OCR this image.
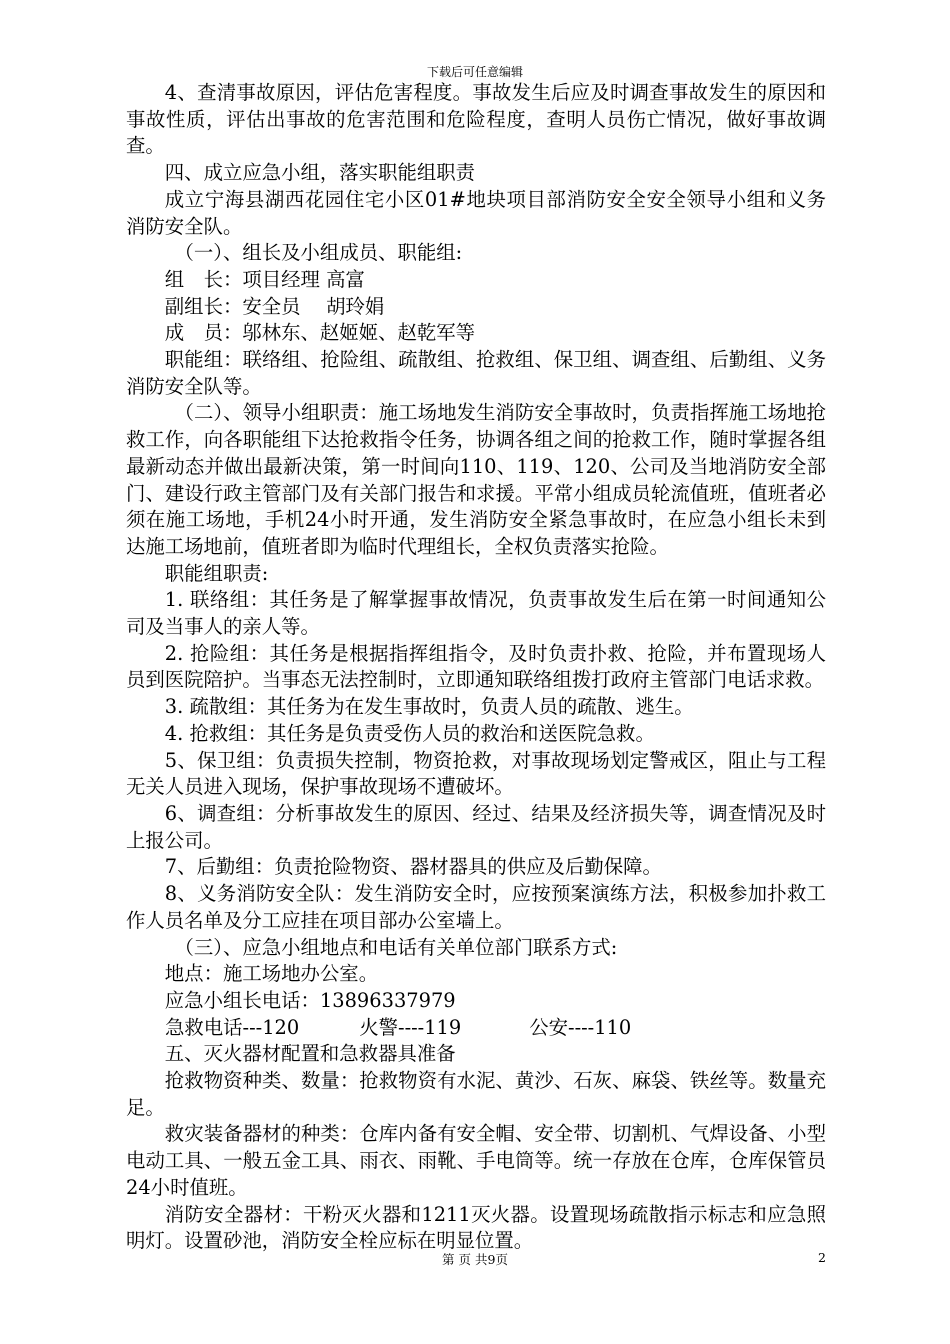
下载后可任意编辑

4、查清事故原因，评估危害程度。事故发生后应及时调查事故发生的原因和事故性质，评估出事故的危害范围和危险程度，查明人员伤亡情况，做好事故调查。

四、成立应急小组，落实职能组职责

成立宁海县湖西花园住宅小区01#地块项目部消防安全安全领导小组和义务消防安全队。

（一）、组长及小组成员、职能组:

组　长：项目经理 高富

副组长：安全员　 胡玲娟

成　员：邬林东、赵姬姬、赵乾军等

职能组：联络组、抢险组、疏散组、抢救组、保卫组、调查组、后勤组、义务消防安全队等。

（二）、领导小组职责：施工场地发生消防安全事故时，负责指挥施工场地抢救工作，向各职能组下达抢救指令任务，协调各组之间的抢救工作，随时掌握各组最新动态并做出最新决策，第一时间向110、119、120、公司及当地消防安全部门、建设行政主管部门及有关部门报告和求援。平常小组成员轮流值班，值班者必须在施工场地，手机24小时开通，发生消防安全紧急事故时，在应急小组长未到达施工场地前，值班者即为临时代理组长，全权负责落实抢险。

职能组职责:

1. 联络组：其任务是了解掌握事故情况，负责事故发生后在第一时间通知公司及当事人的亲人等。

2. 抢险组：其任务是根据指挥组指令，及时负责扑救、抢险，并布置现场人员到医院陪护。当事态无法控制时，立即通知联络组拨打政府主管部门电话求救。

3. 疏散组：其任务为在发生事故时，负责人员的疏散、逃生。

4. 抢救组：其任务是负责受伤人员的救治和送医院急救。

5、保卫组：负责损失控制，物资抢救，对事故现场划定警戒区，阻止与工程无关人员进入现场，保护事故现场不遭破坏。

6、调查组：分析事故发生的原因、经过、结果及经济损失等，调查情况及时上报公司。

7、后勤组：负责抢险物资、器材器具的供应及后勤保障。

8、义务消防安全队：发生消防安全时，应按预案演练方法，积极参加扑救工作人员名单及分工应挂在项目部办公室墙上。

（三）、应急小组地点和电话有关单位部门联系方式:

地点：施工场地办公室。

应急小组长电话：13896337979

急救电话---120	火警----119	公安----110

五、灭火器材配置和急救器具准备

抢救物资种类、数量：抢救物资有水泥、黄沙、石灰、麻袋、铁丝等。数量充足。

救灾装备器材的种类：仓库内备有安全帽、安全带、切割机、气焊设备、小型电动工具、一般五金工具、雨衣、雨靴、手电筒等。统一存放在仓库，仓库保管员24小时值班。

消防安全器材：干粉灭火器和1211灭火器。设置现场疏散指示标志和应急照明灯。设置砂池，消防安全栓应标在明显位置。

第 页 共9页	2
